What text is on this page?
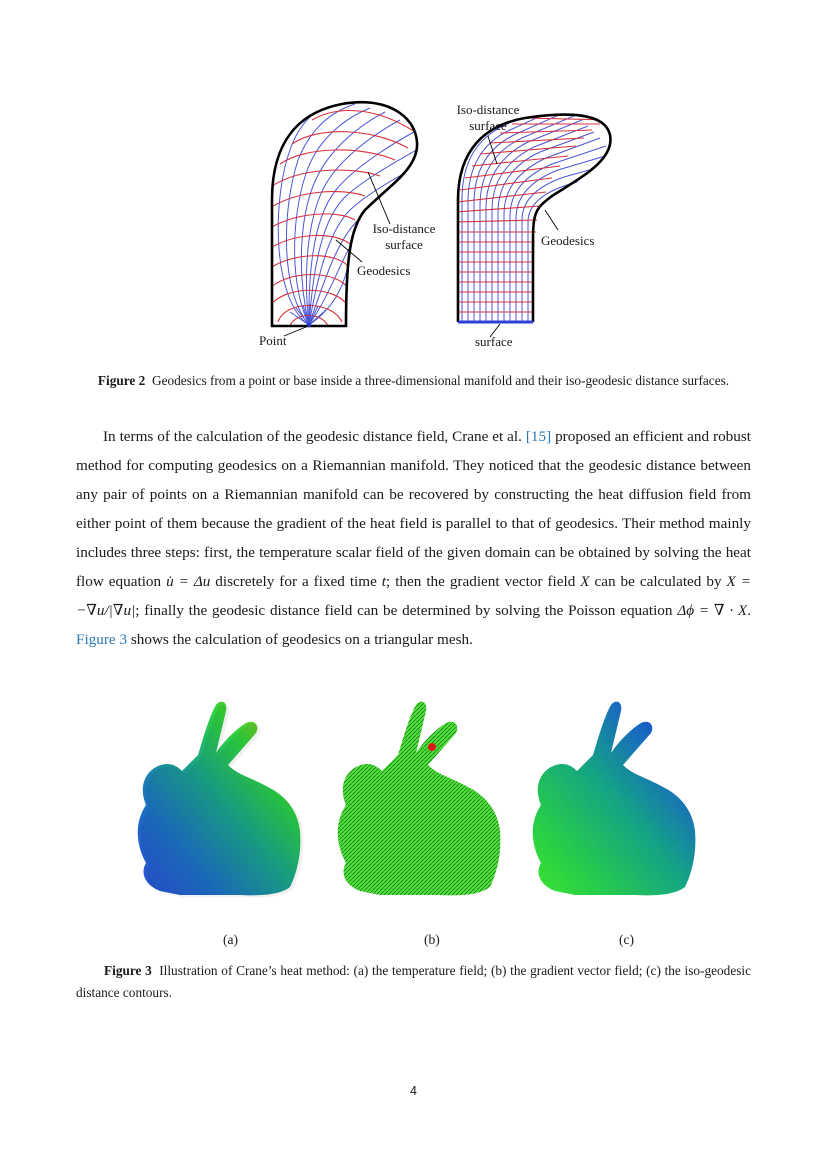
Iso-distance
surface
Geodesics
Point
Iso-distance
surface
Geodesics
surface
Figure 2 Geodesics from a point or base inside a three-dimensional manifold and their iso-geodesic distance surfaces.
In terms of the calculation of the geodesic distance field, Crane et al. [15] proposed an efficient and robust method for computing geodesics on a Riemannian manifold. They noticed that the geodesic distance between any pair of points on a Riemannian manifold can be recovered by constructing the heat diffusion field from either point of them because the gradient of the heat field is parallel to that of geodesics. Their method mainly includes three steps: first, the temperature scalar field of the given domain can be obtained by solving the heat flow equation u̇ = Δu discretely for a fixed time t; then the gradient vector field X can be calculated by X = −∇u/|∇u|; finally the geodesic distance field can be determined by solving the Poisson equation Δϕ = ∇ · X. Figure 3 shows the calculation of geodesics on a triangular mesh.
(a)	(b)	(c)
Figure 3 Illustration of Crane’s heat method: (a) the temperature field; (b) the gradient vector field; (c) the iso-geodesic distance contours.
4
